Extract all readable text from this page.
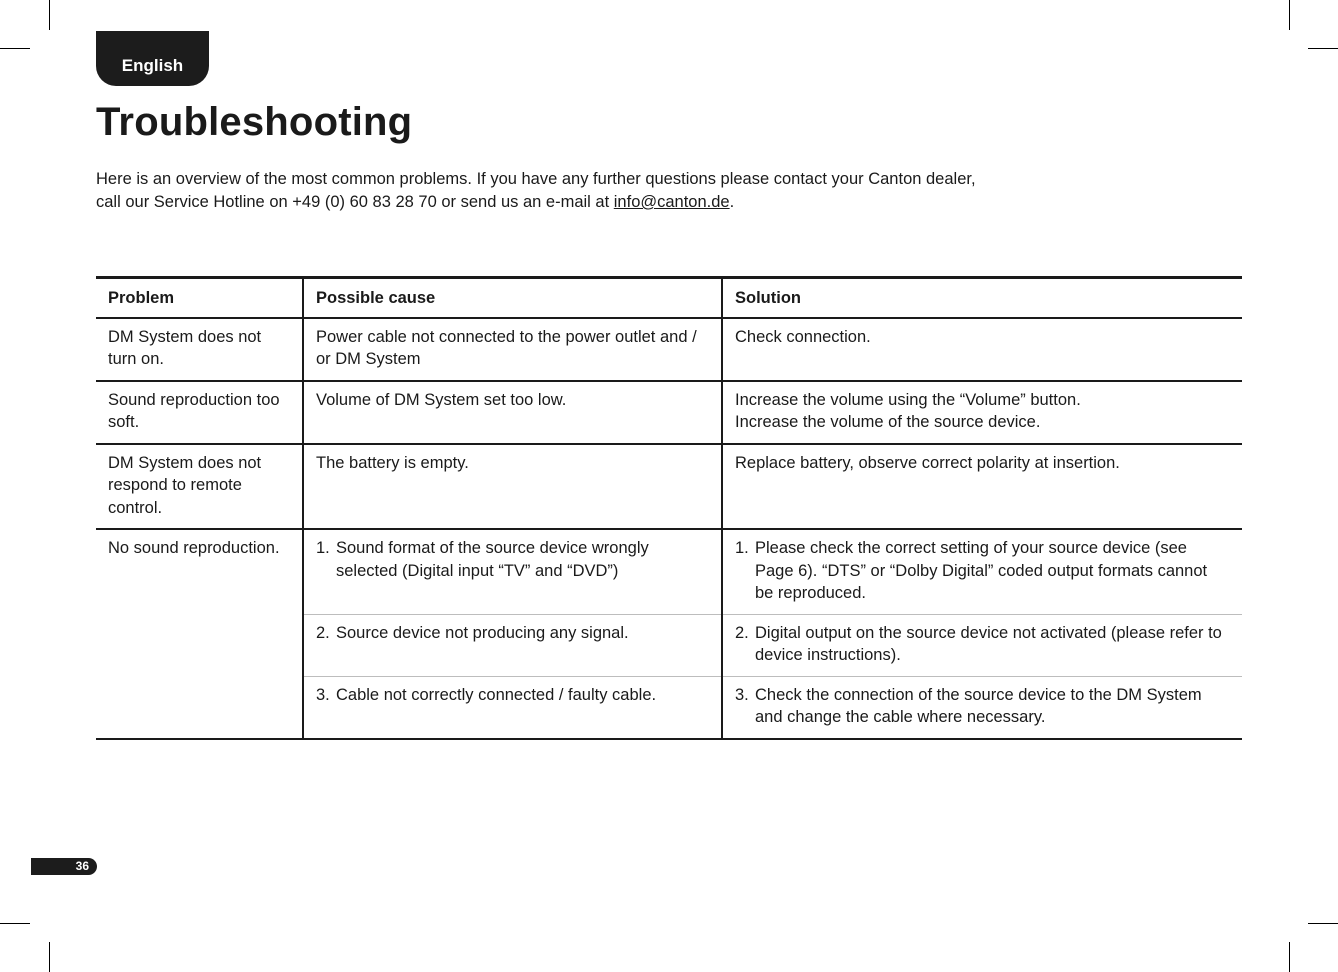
English
Troubleshooting
Here is an overview of the most common problems. If you have any further questions please contact your Canton dealer,
call our Service Hotline on +49 (0) 60 83 28 70 or send us an e-mail at info@canton.de.
Problem	Possible cause	Solution
DM System does not turn on.	Power cable not connected to the power outlet and / or DM System	Check connection.
Sound reproduction too soft.	Volume of DM System set too low.	Increase the volume using the “Volume” button.
Increase the volume of the source device.

DM System does not respond to remote control.	The battery is empty.	Replace battery, observe correct polarity at insertion.
No sound reproduction.	1. Sound format of the source device wrongly selected (Digital input “TV” and “DVD”)	1. Please check the correct setting of your source device (see Page 6). “DTS” or “Dolby Digital” coded output formats cannot be reproduced.

	2. Source device not producing any signal.	2. Digital output on the source device not activated (please refer to device instructions).

	3. Cable not correctly connected / faulty cable.	3. Check the connection of the source device to the DM System and change the cable where necessary.
36
